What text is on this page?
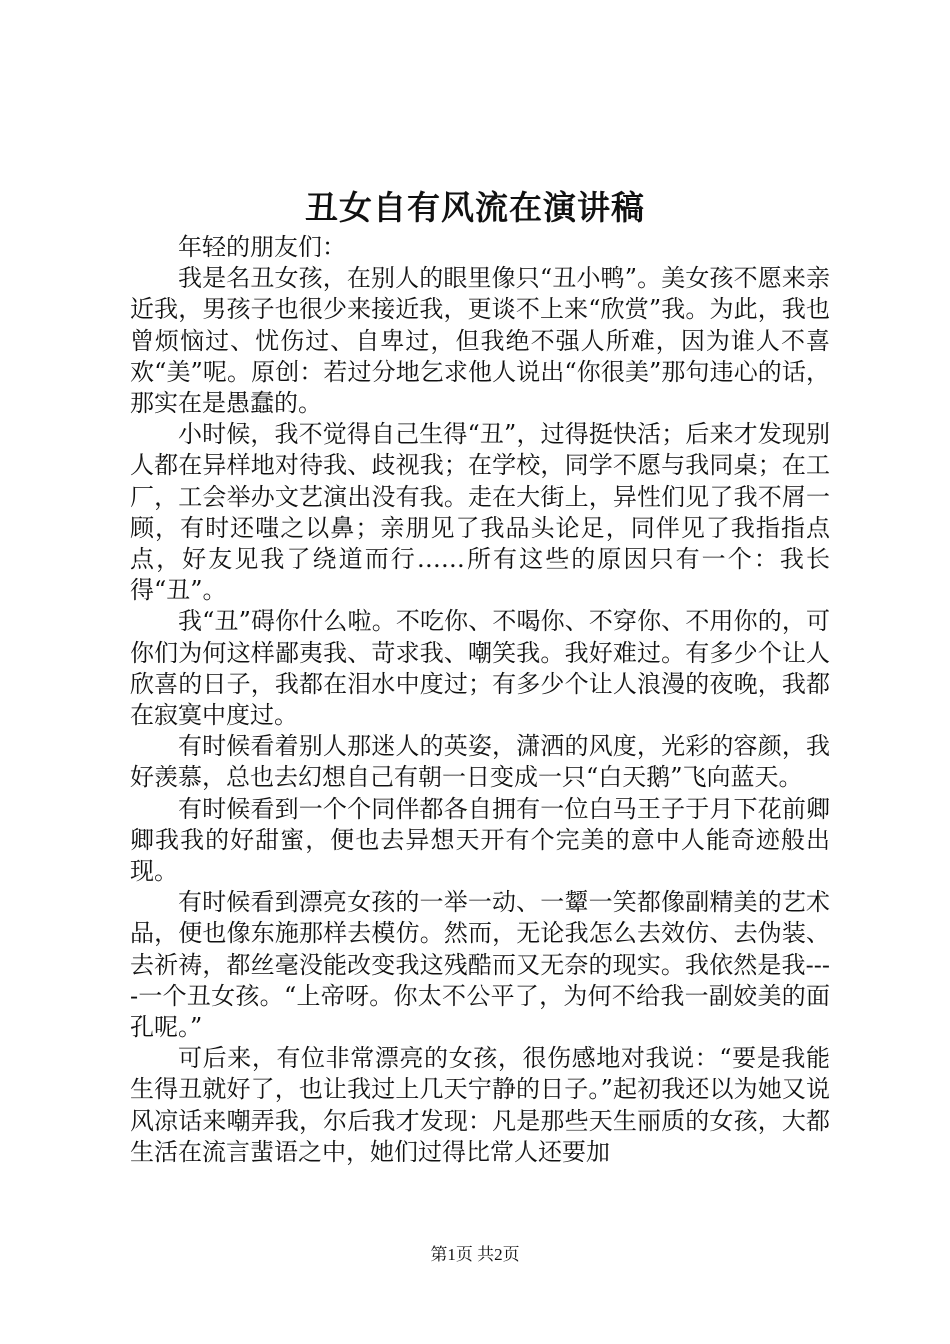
丑女自有风流在演讲稿

年轻的朋友们：

我是名丑女孩，在别人的眼里像只“丑小鸭”。美女孩不愿来亲近我，男孩子也很少来接近我，更谈不上来“欣赏”我。为此，我也曾烦恼过、忧伤过、自卑过，但我绝不强人所难，因为谁人不喜欢“美”呢。原创：若过分地乞求他人说出“你很美”那句违心的话，那实在是愚蠢的。

小时候，我不觉得自己生得“丑”，过得挺快活；后来才发现别人都在异样地对待我、歧视我；在学校，同学不愿与我同桌；在工厂，工会举办文艺演出没有我。走在大街上，异性们见了我不屑一顾，有时还嗤之以鼻；亲朋见了我品头论足，同伴见了我指指点点，好友见我了绕道而行……所有这些的原因只有一个：我长得“丑”。

我“丑”碍你什么啦。不吃你、不喝你、不穿你、不用你的，可你们为何这样鄙夷我、苛求我、嘲笑我。我好难过。有多少个让人欣喜的日子，我都在泪水中度过；有多少个让人浪漫的夜晚，我都在寂寞中度过。

有时候看着别人那迷人的英姿，潇洒的风度，光彩的容颜，我好羡慕，总也去幻想自己有朝一日变成一只“白天鹅”飞向蓝天。

有时候看到一个个同伴都各自拥有一位白马王子于月下花前卿卿我我的好甜蜜，便也去异想天开有个完美的意中人能奇迹般出现。

有时候看到漂亮女孩的一举一动、一颦一笑都像副精美的艺术品，便也像东施那样去模仿。然而，无论我怎么去效仿、去伪装、去祈祷，都丝毫没能改变我这残酷而又无奈的现实。我依然是我----一个丑女孩。“上帝呀。你太不公平了，为何不给我一副姣美的面孔呢。”

可后来，有位非常漂亮的女孩，很伤感地对我说：“要是我能生得丑就好了，也让我过上几天宁静的日子。”起初我还以为她又说风凉话来嘲弄我，尔后我才发现：凡是那些天生丽质的女孩，大都生活在流言蜚语之中，她们过得比常人还要加

第1页 共2页
